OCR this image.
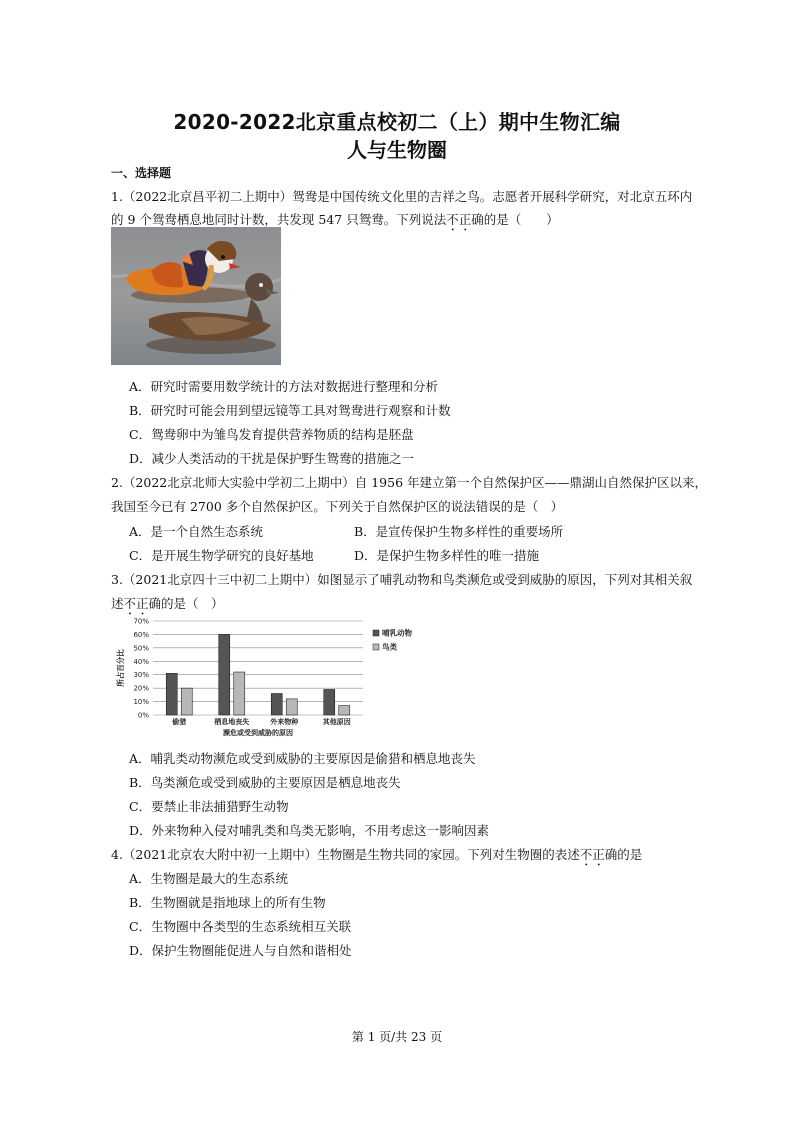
2020-2022北京重点校初二（上）期中生物汇编
人与生物圈
一、选择题
1.（2022北京昌平初二上期中）鸳鸯是中国传统文化里的吉祥之鸟。志愿者开展科学研究，对北京五环内
的 9 个鸳鸯栖息地同时计数，共发现 547 只鸳鸯。下列说法不正确的是（　　）
A．研究时需要用数学统计的方法对数据进行整理和分析
B．研究时可能会用到望远镜等工具对鸳鸯进行观察和计数
C．鸳鸯卵中为雏鸟发育提供营养物质的结构是胚盘
D．减少人类活动的干扰是保护野生鸳鸯的措施之一
2.（2022北京北师大实验中学初二上期中）自 1956 年建立第一个自然保护区——鼎湖山自然保护区以来，
我国至今已有 2700 多个自然保护区。下列关于自然保护区的说法错误的是（　）
A．是一个自然生态系统	B．是宣传保护生物多样性的重要场所
C．是开展生物学研究的良好基地	D．是保护生物多样性的唯一措施
3.（2021北京四十三中初二上期中）如图显示了哺乳动物和鸟类濒危或受到威胁的原因，下列对其相关叙
述不正确的是（　）
0%
10%
20%
30%
40%
50%
60%
70%
所占百分比
偷猎	栖息地丧失	外来物种	其他原因
濒危或受到威胁的原因
哺乳动物
鸟类
A．哺乳类动物濒危或受到威胁的主要原因是偷猎和栖息地丧失
B．鸟类濒危或受到威胁的主要原因是栖息地丧失
C．要禁止非法捕猎野生动物
D．外来物种入侵对哺乳类和鸟类无影响，不用考虑这一影响因素
4.（2021北京农大附中初一上期中）生物圈是生物共同的家园。下列对生物圈的表述不正确的是
A．生物圈是最大的生态系统
B．生物圈就是指地球上的所有生物
C．生物圈中各类型的生态系统相互关联
D．保护生物圈能促进人与自然和谐相处
第 1 页/共 23 页
